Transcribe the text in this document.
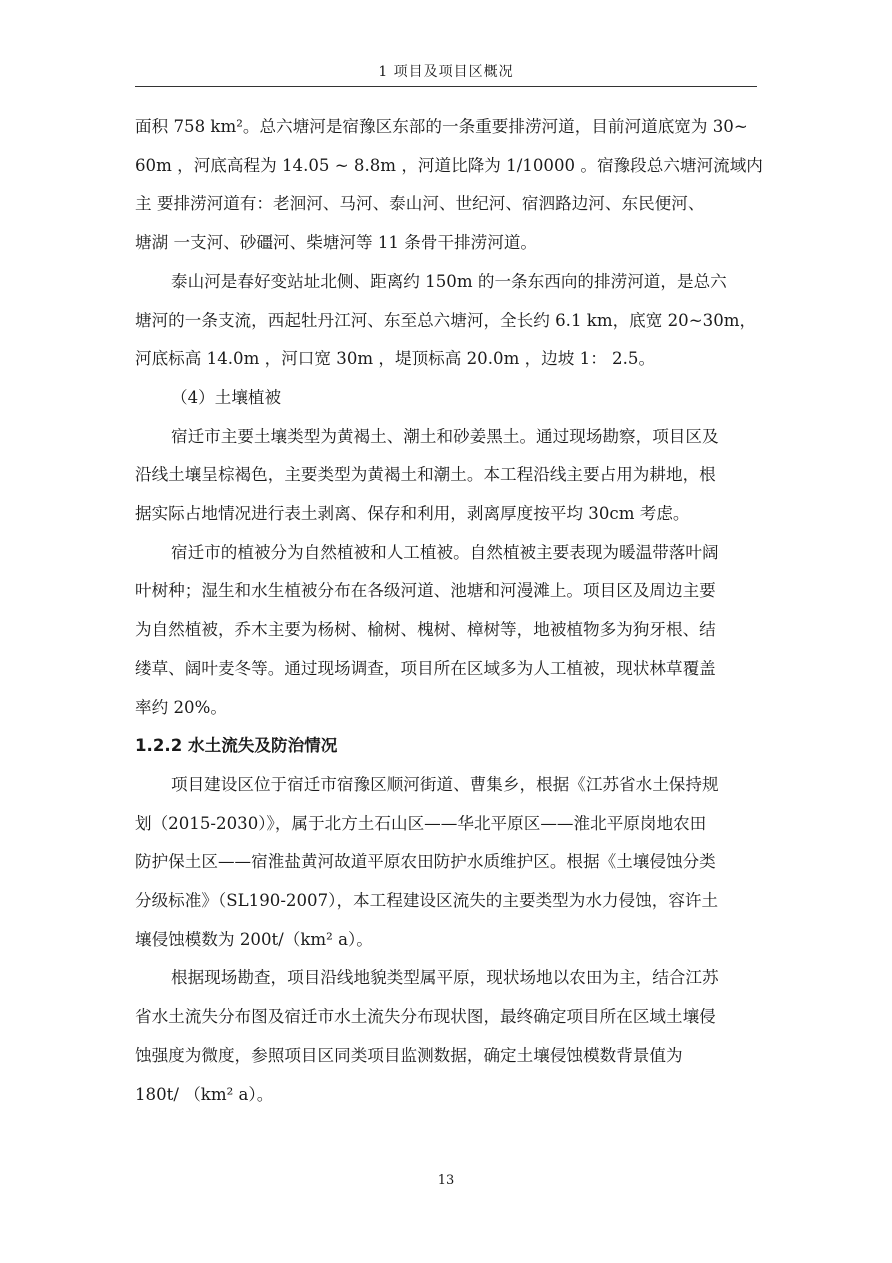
1 项目及项目区概况

面积 758 km²。总六塘河是宿豫区东部的一条重要排涝河道，目前河道底宽为 30~
60m ，河底高程为 14.05 ~ 8.8m ，河道比降为 1/10000 。宿豫段总六塘河流域内
主 要排涝河道有：老洄河、马河、泰山河、世纪河、宿泗路边河、东民便河、
塘湖 一支河、砂礓河、柴塘河等 11 条骨干排涝河道。

泰山河是春好变站址北侧、距离约 150m 的一条东西向的排涝河道，是总六
塘河的一条支流，西起牡丹江河、东至总六塘河，全长约 6.1 km，底宽 20~30m，
河底标高 14.0m ，河口宽 30m ，堤顶标高 20.0m ，边坡 1： 2.5。

（4）土壤植被

宿迁市主要土壤类型为黄褐土、潮土和砂姜黑土。通过现场勘察，项目区及
沿线土壤呈棕褐色，主要类型为黄褐土和潮土。本工程沿线主要占用为耕地，根
据实际占地情况进行表土剥离、保存和利用，剥离厚度按平均 30cm 考虑。

宿迁市的植被分为自然植被和人工植被。自然植被主要表现为暖温带落叶阔
叶树种；湿生和水生植被分布在各级河道、池塘和河漫滩上。项目区及周边主要
为自然植被，乔木主要为杨树、榆树、槐树、樟树等，地被植物多为狗牙根、结
缕草、阔叶麦冬等。通过现场调查，项目所在区域多为人工植被，现状林草覆盖
率约 20%。

1.2.2 水土流失及防治情况

项目建设区位于宿迁市宿豫区顺河街道、曹集乡，根据《江苏省水土保持规
划（2015-2030）》，属于北方土石山区——华北平原区——淮北平原岗地农田
防护保土区——宿淮盐黄河故道平原农田防护水质维护区。根据《土壤侵蚀分类
分级标准》（SL190-2007），本工程建设区流失的主要类型为水力侵蚀，容许土
壤侵蚀模数为 200t/（km² a）。

根据现场勘查，项目沿线地貌类型属平原，现状场地以农田为主，结合江苏
省水土流失分布图及宿迁市水土流失分布现状图，最终确定项目所在区域土壤侵
蚀强度为微度，参照项目区同类项目监测数据，确定土壤侵蚀模数背景值为
180t/ （km² a）。

13
